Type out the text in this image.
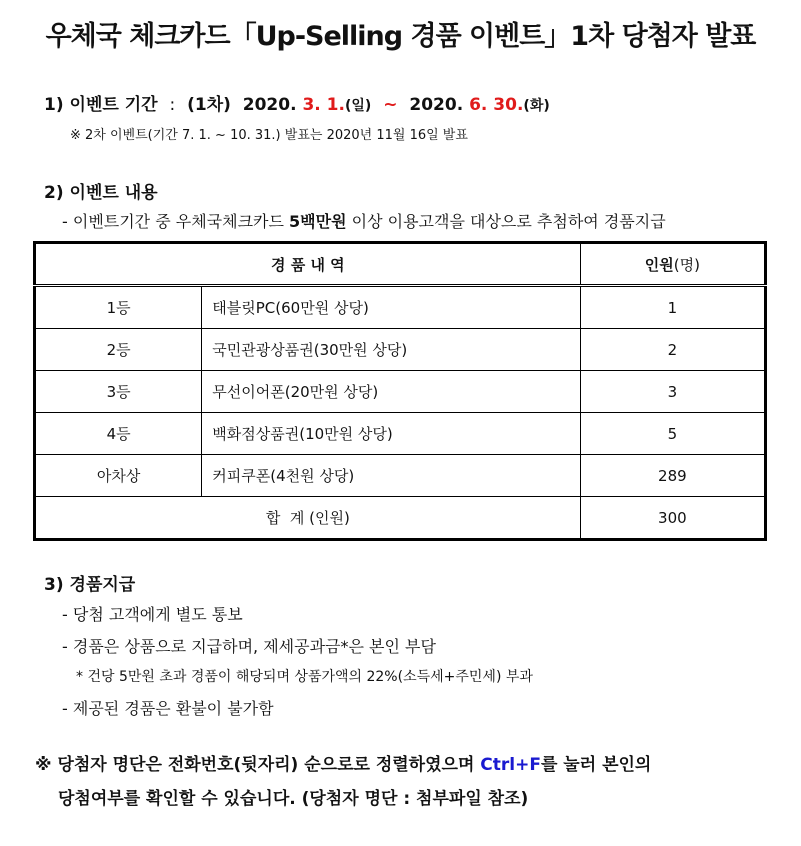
우체국 체크카드「Up-Selling 경품 이벤트」1차 당첨자 발표
1) 이벤트 기간 : (1차) 2020. 3. 1.(일) ~ 2020. 6. 30.(화)
※ 2차 이벤트(기간 7. 1. ~ 10. 31.) 발표는 2020년 11월 16일 발표
2) 이벤트 내용
- 이벤트기간 중 우체국체크카드 5백만원 이상 이용고객을 대상으로 추첨하여 경품지급
경 품 내 역		인원(명)
1등	태블릿PC(60만원 상당)	1
2등	국민관광상품권(30만원 상당)	2
3등	무선이어폰(20만원 상당)	3
4등	백화점상품권(10만원 상당)	5
아차상	커피쿠폰(4천원 상당)	289
합  계 (인원)		300
3) 경품지급
- 당첨 고객에게 별도 통보
- 경품은 상품으로 지급하며, 제세공과금*은 본인 부담
* 건당 5만원 초과 경품이 해당되며 상품가액의 22%(소득세+주민세) 부과
- 제공된 경품은 환불이 불가함
※ 당첨자 명단은 전화번호(뒷자리) 순으로로 정렬하였으며 Ctrl+F를 눌러 본인의
당첨여부를 확인할 수 있습니다. (당첨자 명단 : 첨부파일 참조)
